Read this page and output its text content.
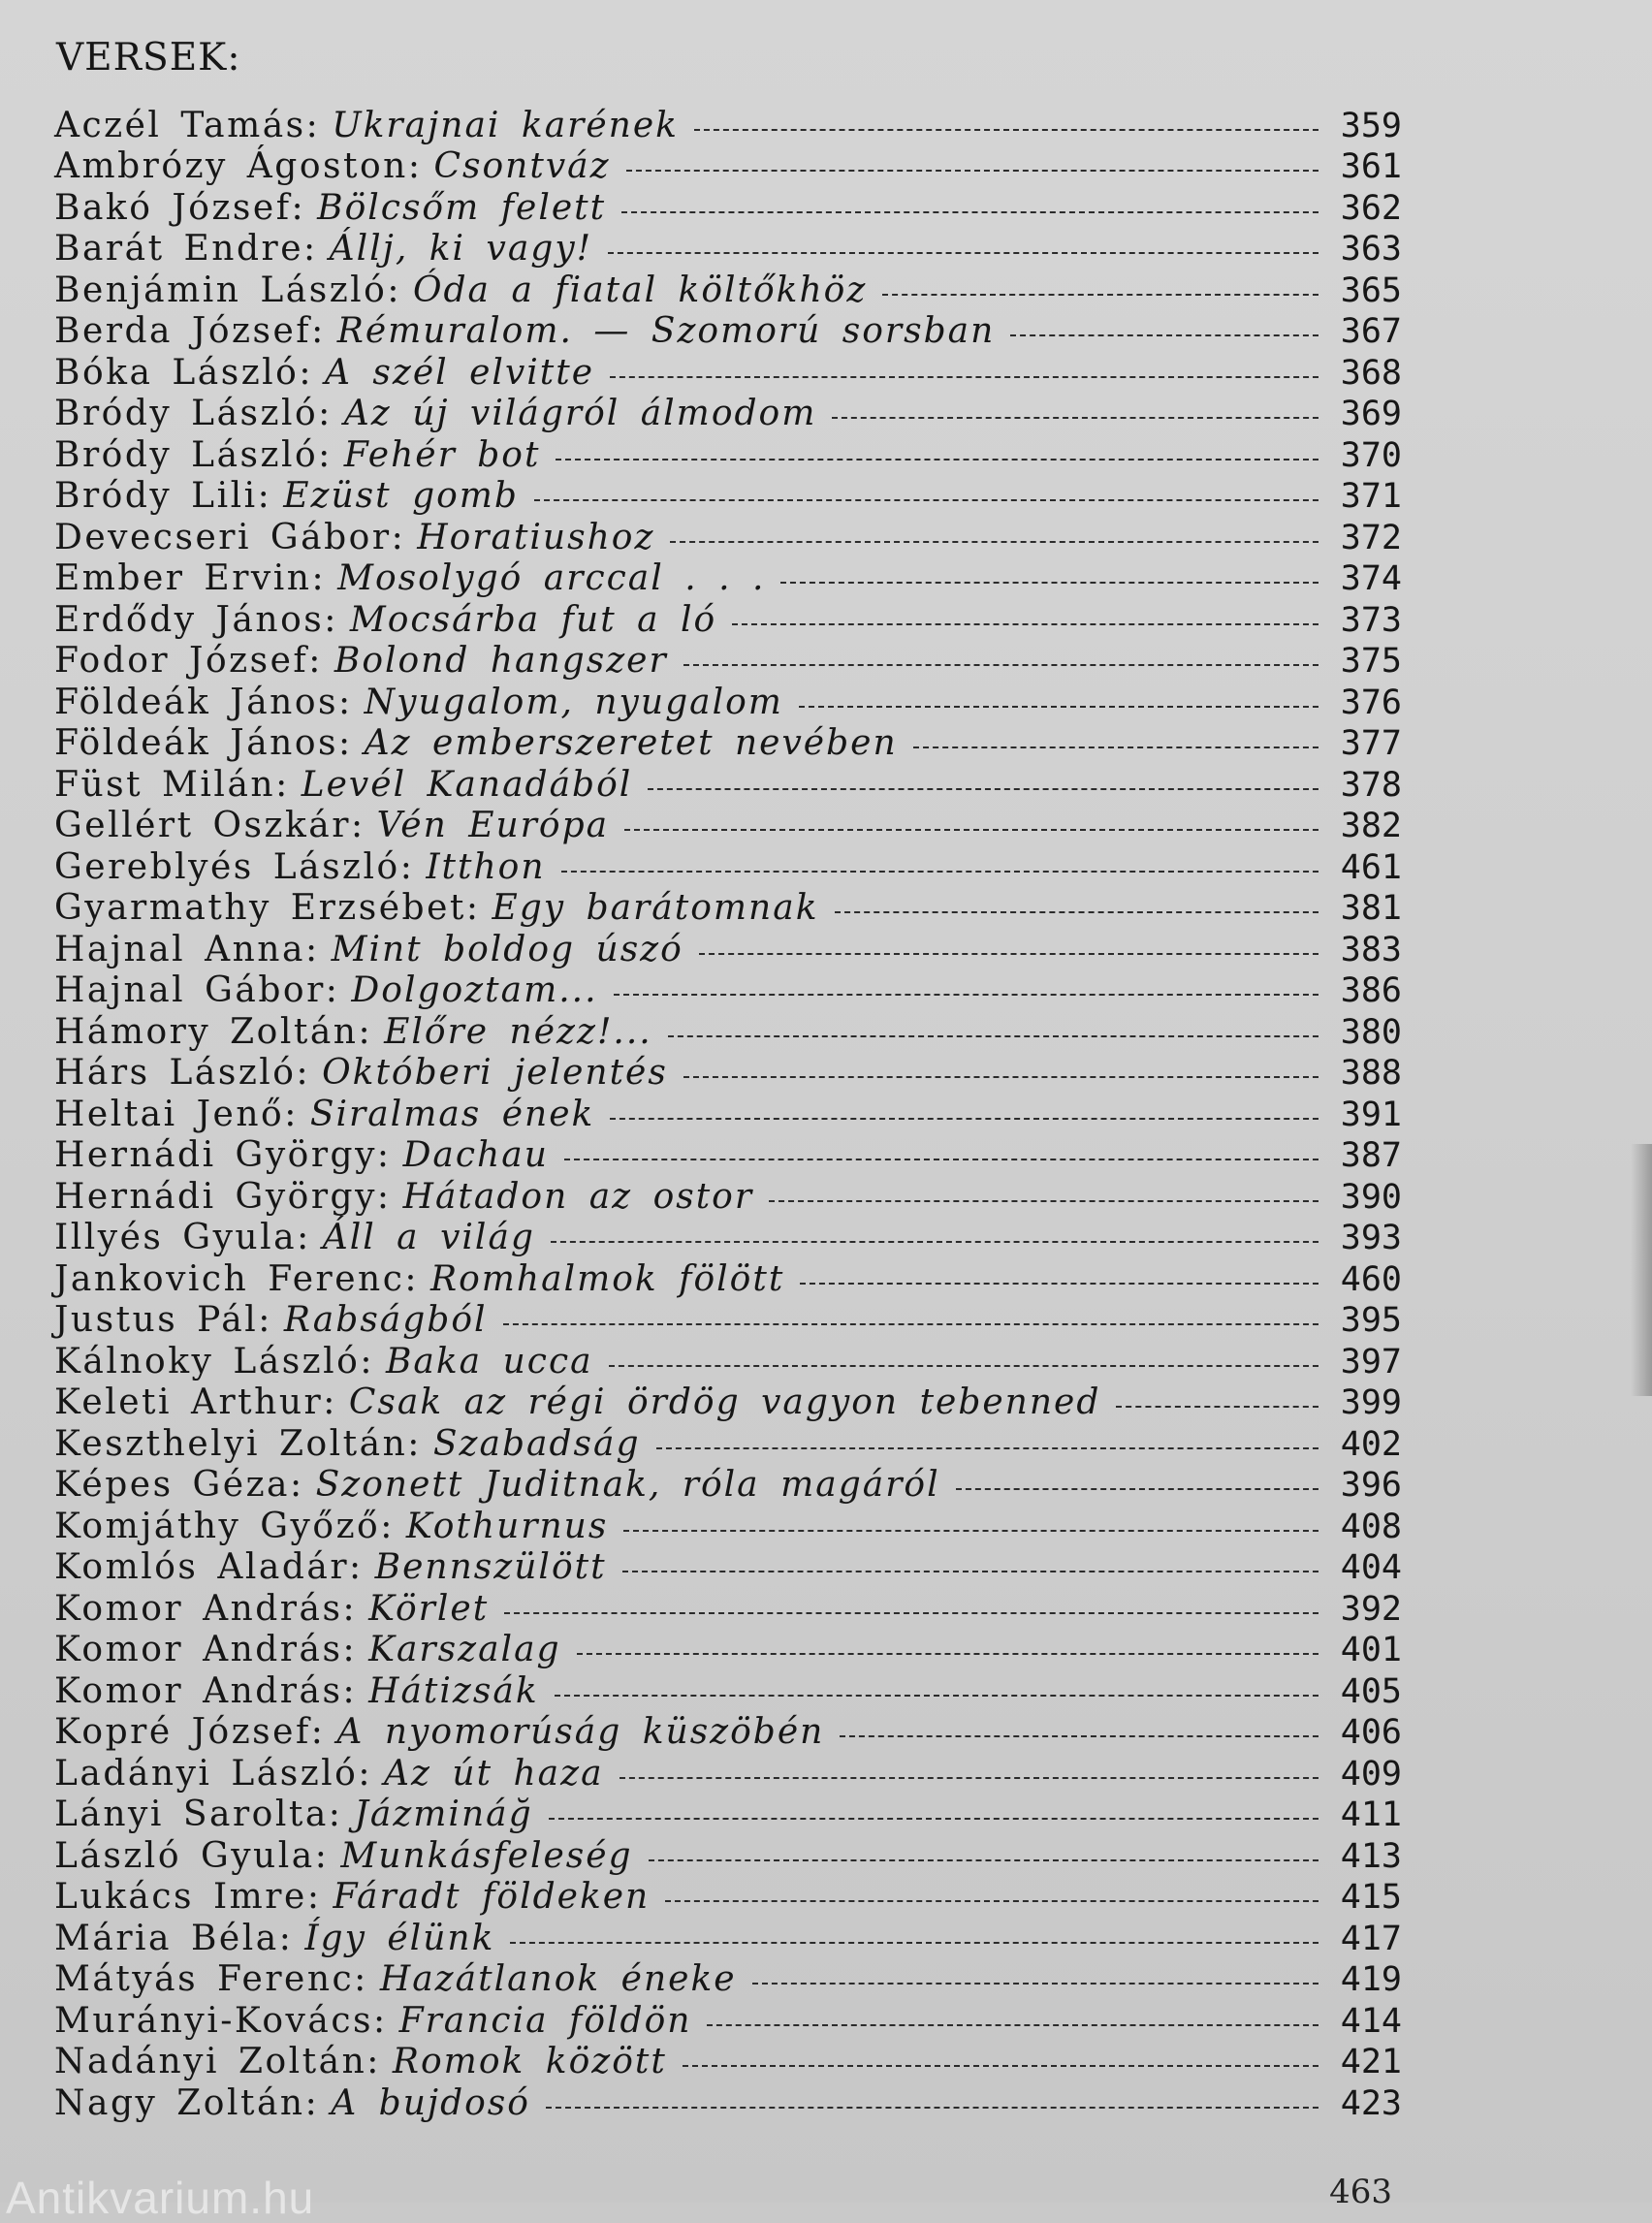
VERSEK:
Aczél Tamás: Ukrajnai karének	359
Ambrózy Ágoston: Csontváz	361
Bakó József: Bölcsőm felett	362
Barát Endre: Állj, ki vagy!	363
Benjámin László: Óda a fiatal költőkhöz	365
Berda József: Rémuralom. — Szomorú sorsban	367
Bóka László: A szél elvitte	368
Bródy László: Az új világról álmodom	369
Bródy László: Fehér bot	370
Bródy Lili: Ezüst gomb	371
Devecseri Gábor: Horatiushoz	372
Ember Ervin: Mosolygó arccal . . .	374
Erdődy János: Mocsárba fut a ló	373
Fodor József: Bolond hangszer	375
Földeák János: Nyugalom, nyugalom	376
Földeák János: Az emberszeretet nevében	377
Füst Milán: Levél Kanadából	378
Gellért Oszkár: Vén Európa	382
Gereblyés László: Itthon	461
Gyarmathy Erzsébet: Egy barátomnak	381
Hajnal Anna: Mint boldog úszó	383
Hajnal Gábor: Dolgoztam...	386
Hámory Zoltán: Előre nézz!...	380
Hárs László: Októberi jelentés	388
Heltai Jenő: Siralmas ének	391
Hernádi György: Dachau	387
Hernádi György: Hátadon az ostor	390
Illyés Gyula: Áll a világ	393
Jankovich Ferenc: Romhalmok fölött	460
Justus Pál: Rabságból	395
Kálnoky László: Baka ucca	397
Keleti Arthur: Csak az régi ördög vagyon tebenned	399
Keszthelyi Zoltán: Szabadság	402
Képes Géza: Szonett Juditnak, róla magáról	396
Komjáthy Győző: Kothurnus	408
Komlós Aladár: Bennszülött	404
Komor András: Körlet	392
Komor András: Karszalag	401
Komor András: Hátizsák	405
Kopré József: A nyomorúság küszöbén	406
Ladányi László: Az út haza	409
Lányi Sarolta: Jázmináğ	411
László Gyula: Munkásfeleség	413
Lukács Imre: Fáradt földeken	415
Mária Béla: Így élünk	417
Mátyás Ferenc: Hazátlanok éneke	419
Murányi-Kovács: Francia földön	414
Nadányi Zoltán: Romok között	421
Nagy Zoltán: A bujdosó	423
Antikvarium.hu	463
